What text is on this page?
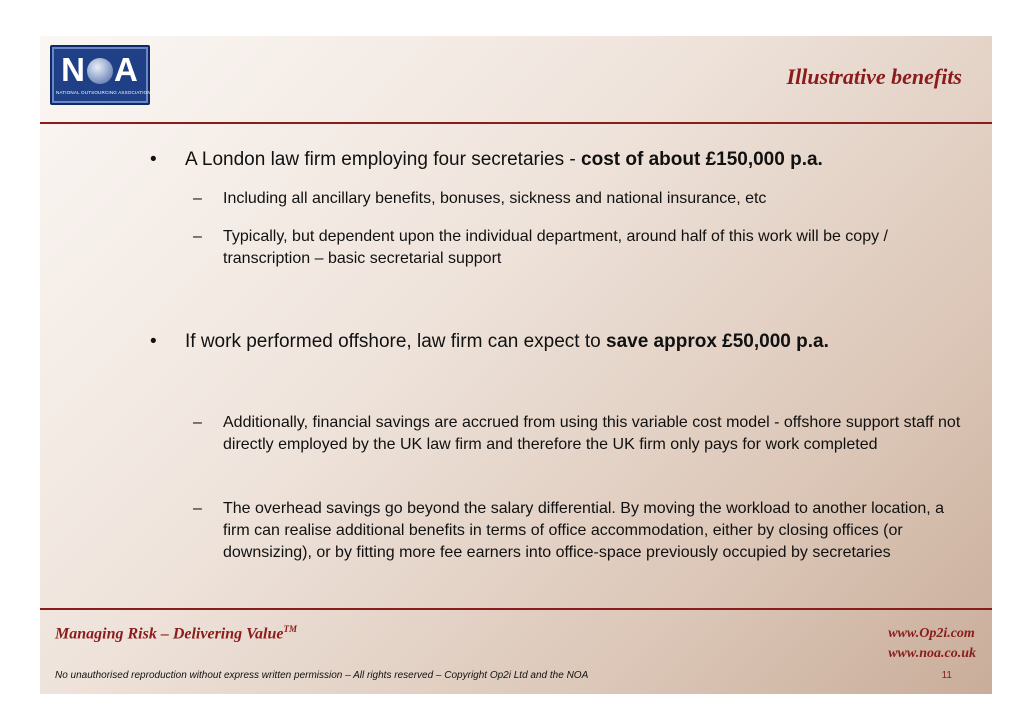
N A
NATIONAL OUTSOURCING ASSOCIATION
Illustrative benefits
• A London law firm employing four secretaries - cost of about £150,000 p.a.
– Including all ancillary benefits, bonuses, sickness and national insurance, etc
– Typically, but dependent upon the individual department, around half of this work will be copy / transcription – basic secretarial support
• If work performed offshore, law firm can expect to save approx £50,000 p.a.
– Additionally, financial savings are accrued from using this variable cost model - offshore support staff not directly employed by the UK law firm and therefore the UK firm only pays for work completed
– The overhead savings go beyond the salary differential. By moving the workload to another location, a firm can realise additional benefits in terms of office accommodation, either by closing offices (or downsizing), or by fitting more fee earners into office-space previously occupied by secretaries
Managing Risk – Delivering Value™	www.Op2i.com
www.noa.co.uk
No unauthorised reproduction without express written permission – All rights reserved – Copyright Op2i Ltd and the NOA	11
